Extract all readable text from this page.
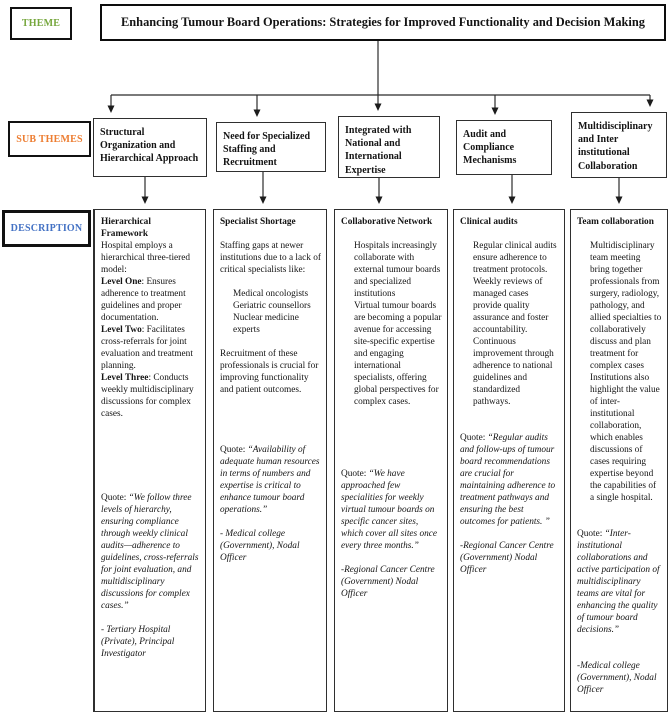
THEME	Enhancing Tumour Board Operations: Strategies for Improved Functionality and Decision Making
SUB THEMES
DESCRIPTION
Structural Organization and Hierarchical Approach
Need for Specialized Staffing and Recruitment
Integrated with National and International Expertise
Audit and Compliance Mechanisms
Multidisciplinary and Inter institutional Collaboration

Hierarchical Framework

Hospital employs a hierarchical three-tiered model:

Level One: Ensures adherence to treatment guidelines and proper documentation.

Level Two: Facilitates cross-referrals for joint evaluation and treatment planning.

Level Three: Conducts weekly multidisciplinary discussions for complex cases.

Quote: “We follow three levels of hierarchy, ensuring compliance through weekly clinical audits—adherence to guidelines, cross-referrals for joint evaluation, and multidisciplinary discussions for complex cases.”

- Tertiary Hospital (Private), Principal Investigator

Specialist Shortage

Staffing gaps at newer institutions due to a lack of critical specialists like:

Medical oncologists

Geriatric counsellors

Nuclear medicine experts

Recruitment of these professionals is crucial for improving functionality and patient outcomes.

Quote: “Availability of adequate human resources in terms of numbers and expertise is critical to enhance tumour board operations.”

- Medical college (Government), Nodal Officer

Collaborative Network

Hospitals increasingly collaborate with external tumour boards and specialized institutions

Virtual tumour boards are becoming a popular avenue for accessing site-specific expertise and engaging international specialists, offering global perspectives for complex cases.

Quote: “We have approached few specialities for weekly virtual tumour boards on specific cancer sites, which cover all sites once every three months.”

-Regional Cancer Centre (Government) Nodal Officer

Clinical audits

Regular clinical audits ensure adherence to treatment protocols. Weekly reviews of managed cases provide quality assurance and foster accountability. Continuous improvement through adherence to national guidelines and standardized pathways.

Quote: “Regular audits and follow-ups of tumour board recommendations are crucial for maintaining adherence to treatment pathways and ensuring the best outcomes for patients. ”

-Regional Cancer Centre (Government) Nodal Officer

Team collaboration

Multidisciplinary team meeting bring together professionals from surgery, radiology, pathology, and allied specialties to collaboratively discuss and plan treatment for complex cases

Institutions also highlight the value of inter-institutional collaboration, which enables discussions of cases requiring expertise beyond the capabilities of a single hospital.

Quote: “Inter-institutional collaborations and active participation of multidisciplinary teams are vital for enhancing the quality of tumour board decisions.”

-Medical college (Government), Nodal Officer
